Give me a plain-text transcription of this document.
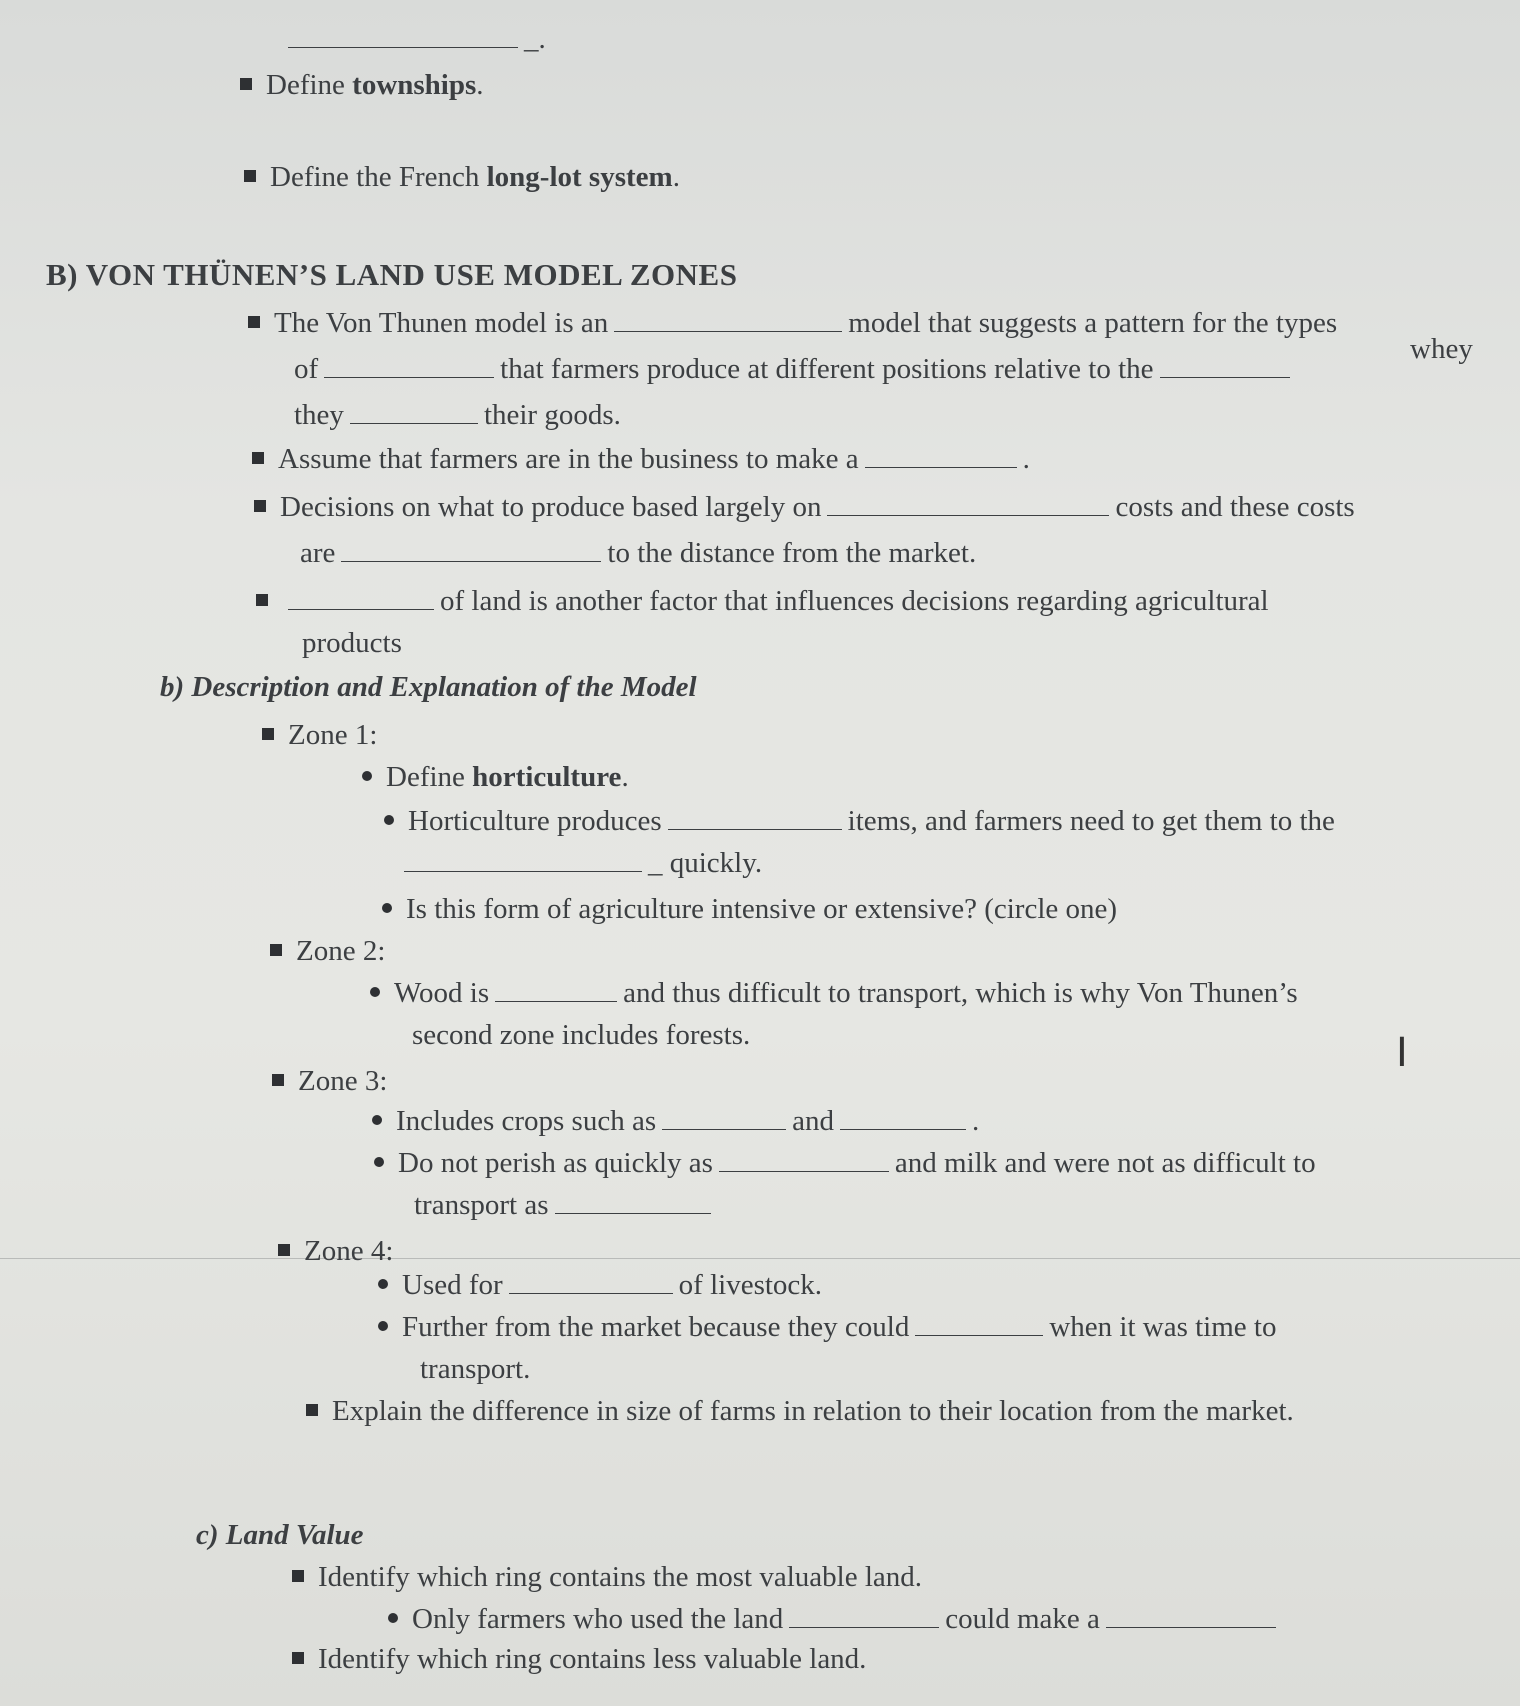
_.
Define townships.
Define the French long-lot system.
B) VON THÜNEN’S LAND USE MODEL ZONES
The Von Thunen model is an	model that suggests a pattern for the types
of	that farmers produce at different positions relative to the
whey
they	their goods.
Assume that farmers are in the business to make a	.
Decisions on what to produce based largely on	costs and these costs
are	to the distance from the market.
of land is another factor that influences decisions regarding agricultural
products
b) Description and Explanation of the Model
Zone 1:
Define horticulture.
Horticulture produces	items, and farmers need to get them to the
_ quickly.
Is this form of agriculture intensive or extensive? (circle one)
Zone 2:
Wood is	and thus difficult to transport, which is why Von Thunen’s
second zone includes forests.
Zone 3:
Includes crops such as	and	.
Do not perish as quickly as	and milk and were not as difficult to
transport as
Zone 4:
Used for	of livestock.
Further from the market because they could	when it was time to
transport.
Explain the difference in size of farms in relation to their location from the market.
c) Land Value
Identify which ring contains the most valuable land.
Only farmers who used the land	could make a
Identify which ring contains less valuable land.
I
